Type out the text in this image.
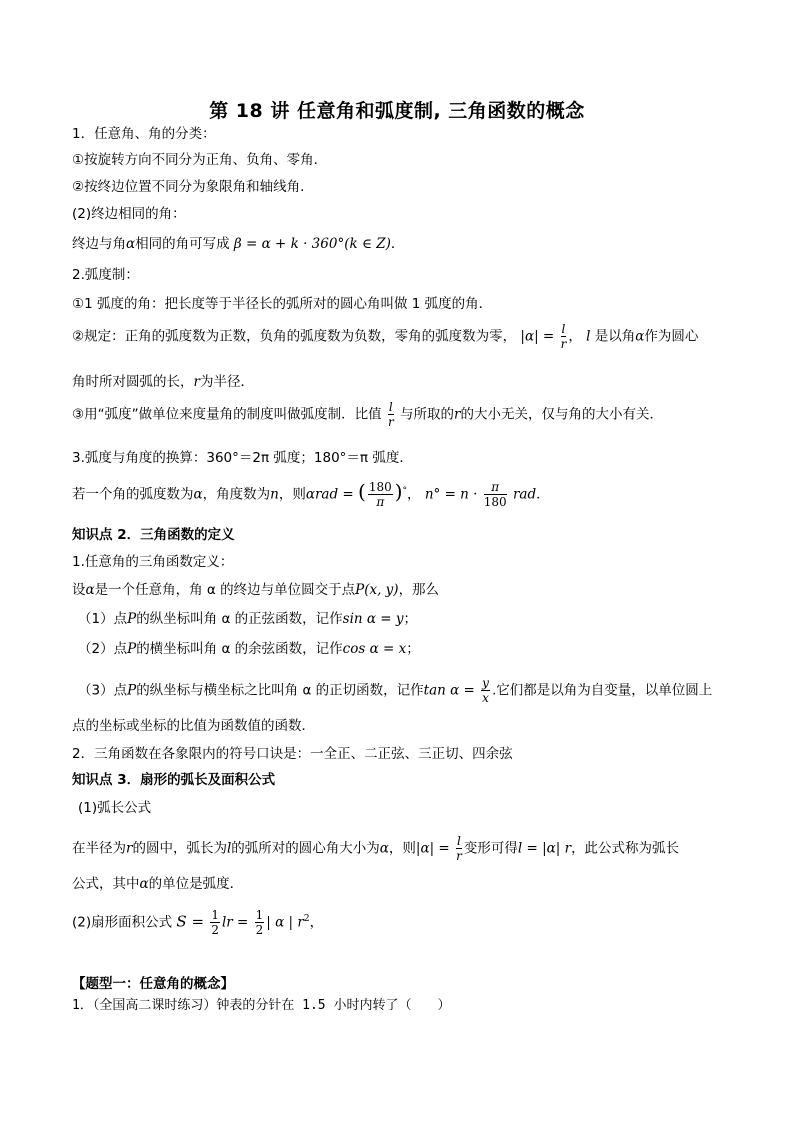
第 18 讲 任意角和弧度制, 三角函数的概念
1．任意角、角的分类：
①按旋转方向不同分为正角、负角、零角．
②按终边位置不同分为象限角和轴线角．
(2)终边相同的角：
终边与角α相同的角可写成 β = α + k · 360°(k ∈ Z)．
2.弧度制：
①1 弧度的角：把长度等于半径长的弧所对的圆心角叫做 1 弧度的角．
②规定：正角的弧度数为正数，负角的弧度数为负数，零角的弧度数为零， $|\alpha| = \frac{l}{r}$ ， l 是以角α作为圆心
角时所对圆弧的长，r为半径．
③用“弧度”做单位来度量角的制度叫做弧度制．比值 $\frac{l}{r}$ 与所取的r的大小无关，仅与角的大小有关．
3.弧度与角度的换算：360°＝2π 弧度；180°＝π 弧度．
若一个角的弧度数为α，角度数为n，则αrad = ( $\frac{180}{\pi} )^\circ$， $n^\circ = n \cdot \frac{\pi}{180}$ rad．
知识点 2．三角函数的定义
1.任意角的三角函数定义：
设α是一个任意角，角 α 的终边与单位圆交于点P(x, y)，那么
（1）点P的纵坐标叫角 α 的正弦函数，记作sin α = y；
（2）点P的横坐标叫角 α 的余弦函数，记作cos α = x；
（3）点P的纵坐标与横坐标之比叫角 α 的正切函数，记作$\tan \alpha = \frac{y}{x}$ .它们都是以角为自变量，以单位圆上
点的坐标或坐标的比值为函数值的函数．
2．三角函数在各象限内的符号口诀是：一全正、二正弦、三正切、四余弦
知识点 3．扇形的弧长及面积公式
(1)弧长公式
在半径为r的圆中，弧长为l的弧所对的圆心角大小为α，则$|\alpha| = \frac{l}{r}$ 变形可得l = |α| r，此公式称为弧长
公式，其中α的单位是弧度．
(2)扇形面积公式 $S = \frac{1}{2}$ lr = $\frac{1}{2}$ | α | $r^2$，
【题型一：任意角的概念】
1．（全国高二课时练习）钟表的分针在 1.5 小时内转了（　　）
